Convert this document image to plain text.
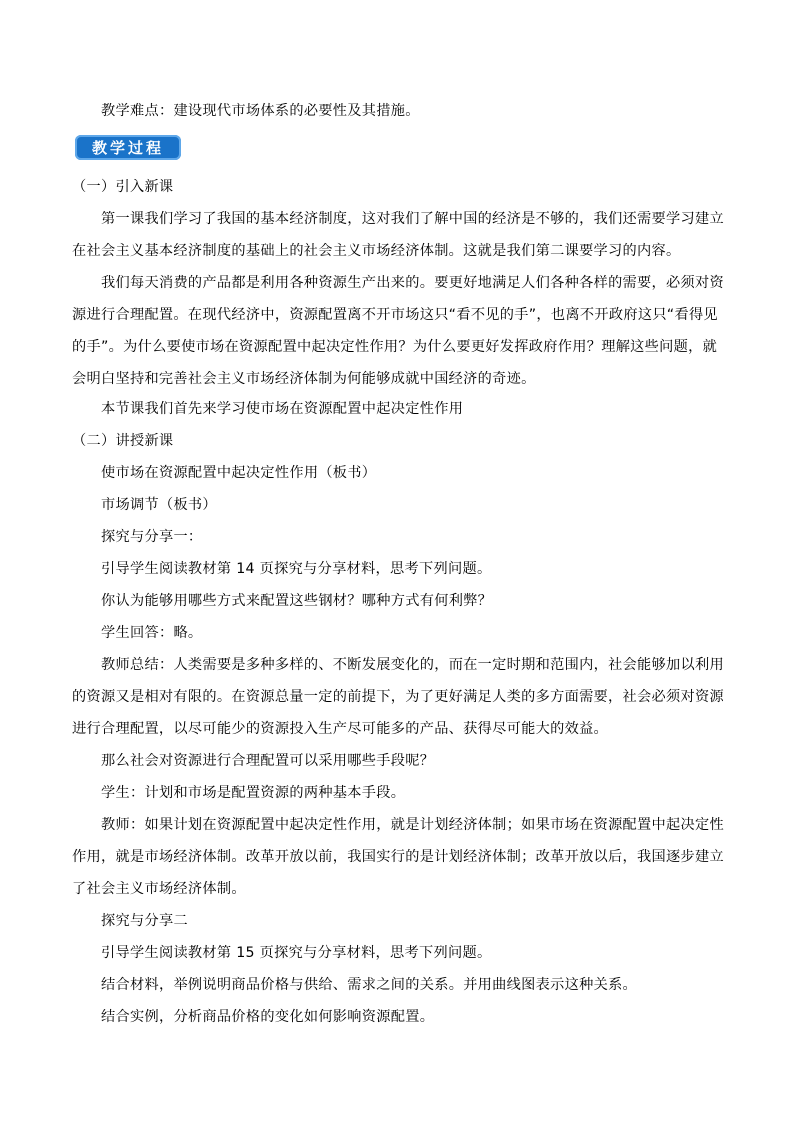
教学难点：建设现代市场体系的必要性及其措施。

教学过程

（一）引入新课

第一课我们学习了我国的基本经济制度，这对我们了解中国的经济是不够的，我们还需要学习建立在社会主义基本经济制度的基础上的社会主义市场经济体制。这就是我们第二课要学习的内容。

我们每天消费的产品都是利用各种资源生产出来的。要更好地满足人们各种各样的需要，必须对资源进行合理配置。在现代经济中，资源配置离不开市场这只“看不见的手”，也离不开政府这只“看得见的手”。为什么要使市场在资源配置中起决定性作用？为什么要更好发挥政府作用？理解这些问题，就会明白坚持和完善社会主义市场经济体制为何能够成就中国经济的奇迹。

本节课我们首先来学习使市场在资源配置中起决定性作用

（二）讲授新课

使市场在资源配置中起决定性作用（板书）

市场调节（板书）

探究与分享一：

引导学生阅读教材第 14 页探究与分享材料，思考下列问题。

你认为能够用哪些方式来配置这些钢材？哪种方式有何利弊？

学生回答：略。

教师总结：人类需要是多种多样的、不断发展变化的，而在一定时期和范围内，社会能够加以利用的资源又是相对有限的。在资源总量一定的前提下，为了更好满足人类的多方面需要，社会必须对资源进行合理配置，以尽可能少的资源投入生产尽可能多的产品、获得尽可能大的效益。

那么社会对资源进行合理配置可以采用哪些手段呢？

学生：计划和市场是配置资源的两种基本手段。

教师：如果计划在资源配置中起决定性作用，就是计划经济体制；如果市场在资源配置中起决定性作用，就是市场经济体制。改革开放以前，我国实行的是计划经济体制；改革开放以后，我国逐步建立了社会主义市场经济体制。

探究与分享二

引导学生阅读教材第 15 页探究与分享材料，思考下列问题。

结合材料，举例说明商品价格与供给、需求之间的关系。并用曲线图表示这种关系。

结合实例，分析商品价格的变化如何影响资源配置。
